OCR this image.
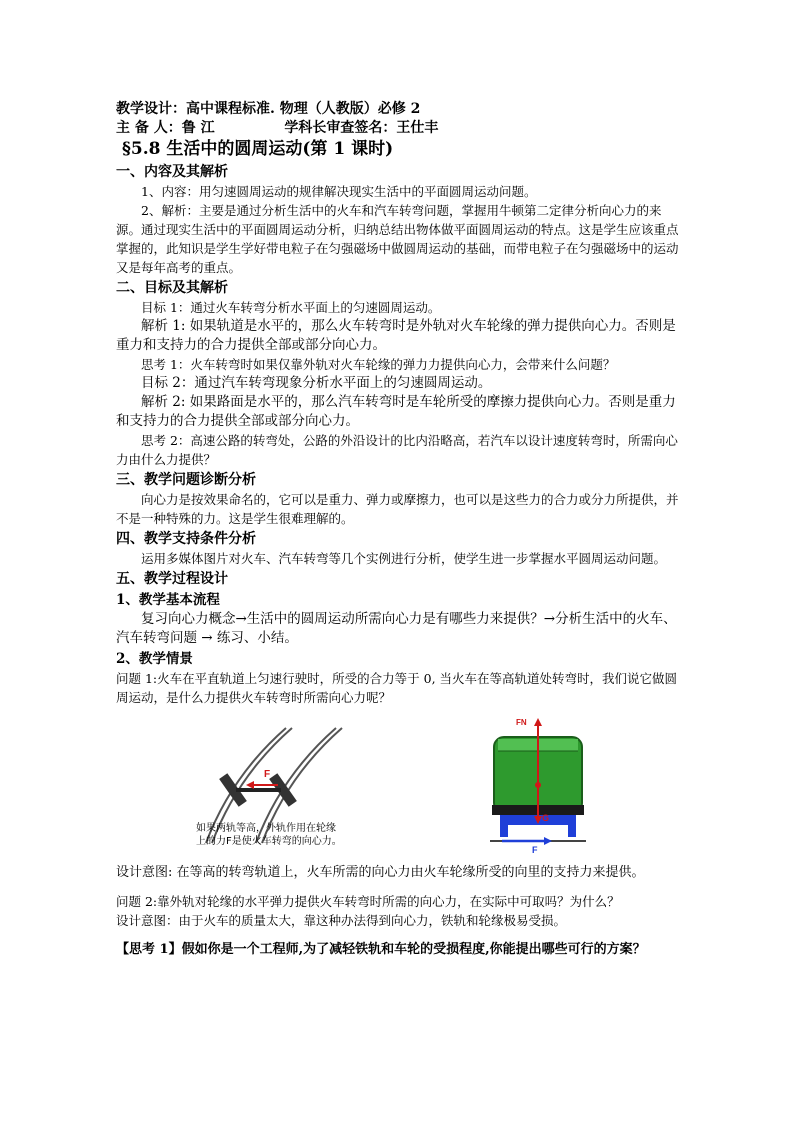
教学设计：高中课程标准. 物理（人教版）必修 2
主 备 人：鲁 江	学科长审查签名：王仕丰
§5.8 生活中的圆周运动(第 1 课时)
一、内容及其解析
1、内容：用匀速圆周运动的规律解决现实生活中的平面圆周运动问题。
2、解析：主要是通过分析生活中的火车和汽车转弯问题，掌握用牛顿第二定律分析向心力的来源。通过现实生活中的平面圆周运动分析，归纳总结出物体做平面圆周运动的特点。这是学生应该重点掌握的，此知识是学生学好带电粒子在匀强磁场中做圆周运动的基础，而带电粒子在匀强磁场中的运动又是每年高考的重点。
二、目标及其解析
目标 1：通过火车转弯分析水平面上的匀速圆周运动。
解析 1: 如果轨道是水平的，那么火车转弯时是外轨对火车轮缘的弹力提供向心力。否则是重力和支持力的合力提供全部或部分向心力。
思考 1：火车转弯时如果仅靠外轨对火车轮缘的弹力力提供向心力，会带来什么问题？
目标 2：通过汽车转弯现象分析水平面上的匀速圆周运动。
解析 2: 如果路面是水平的，那么汽车转弯时是车轮所受的摩擦力提供向心力。否则是重力和支持力的合力提供全部或部分向心力。
思考 2：高速公路的转弯处，公路的外沿设计的比内沿略高，若汽车以设计速度转弯时，所需向心力由什么力提供？
三、教学问题诊断分析
向心力是按效果命名的，它可以是重力、弹力或摩擦力，也可以是这些力的合力或分力所提供，并不是一种特殊的力。这是学生很难理解的。
四、教学支持条件分析
运用多媒体图片对火车、汽车转弯等几个实例进行分析，使学生进一步掌握水平圆周运动问题。
五、教学过程设计
1、教学基本流程
复习向心力概念→生活中的圆周运动所需向心力是有哪些力来提供？→分析生活中的火车、汽车转弯问题 → 练习、小结。
2、教学情景
问题 1:火车在平直轨道上匀速行驶时，所受的合力等于 0, 当火车在等高轨道处转弯时，我们说它做圆周运动，是什么力提供火车转弯时所需向心力呢？
F
如果两轨等高，外轨作用在轮缘
上的力F是使火车转弯的向心力。
FN
G
F
设计意图: 在等高的转弯轨道上，火车所需的向心力由火车轮缘所受的向里的支持力来提供。
问题 2:靠外轨对轮缘的水平弹力提供火车转弯时所需的向心力，在实际中可取吗？为什么？
设计意图：由于火车的质量太大，靠这种办法得到向心力，铁轨和轮缘极易受损。
【思考 1】假如你是一个工程师,为了减轻铁轨和车轮的受损程度,你能提出哪些可行的方案？
